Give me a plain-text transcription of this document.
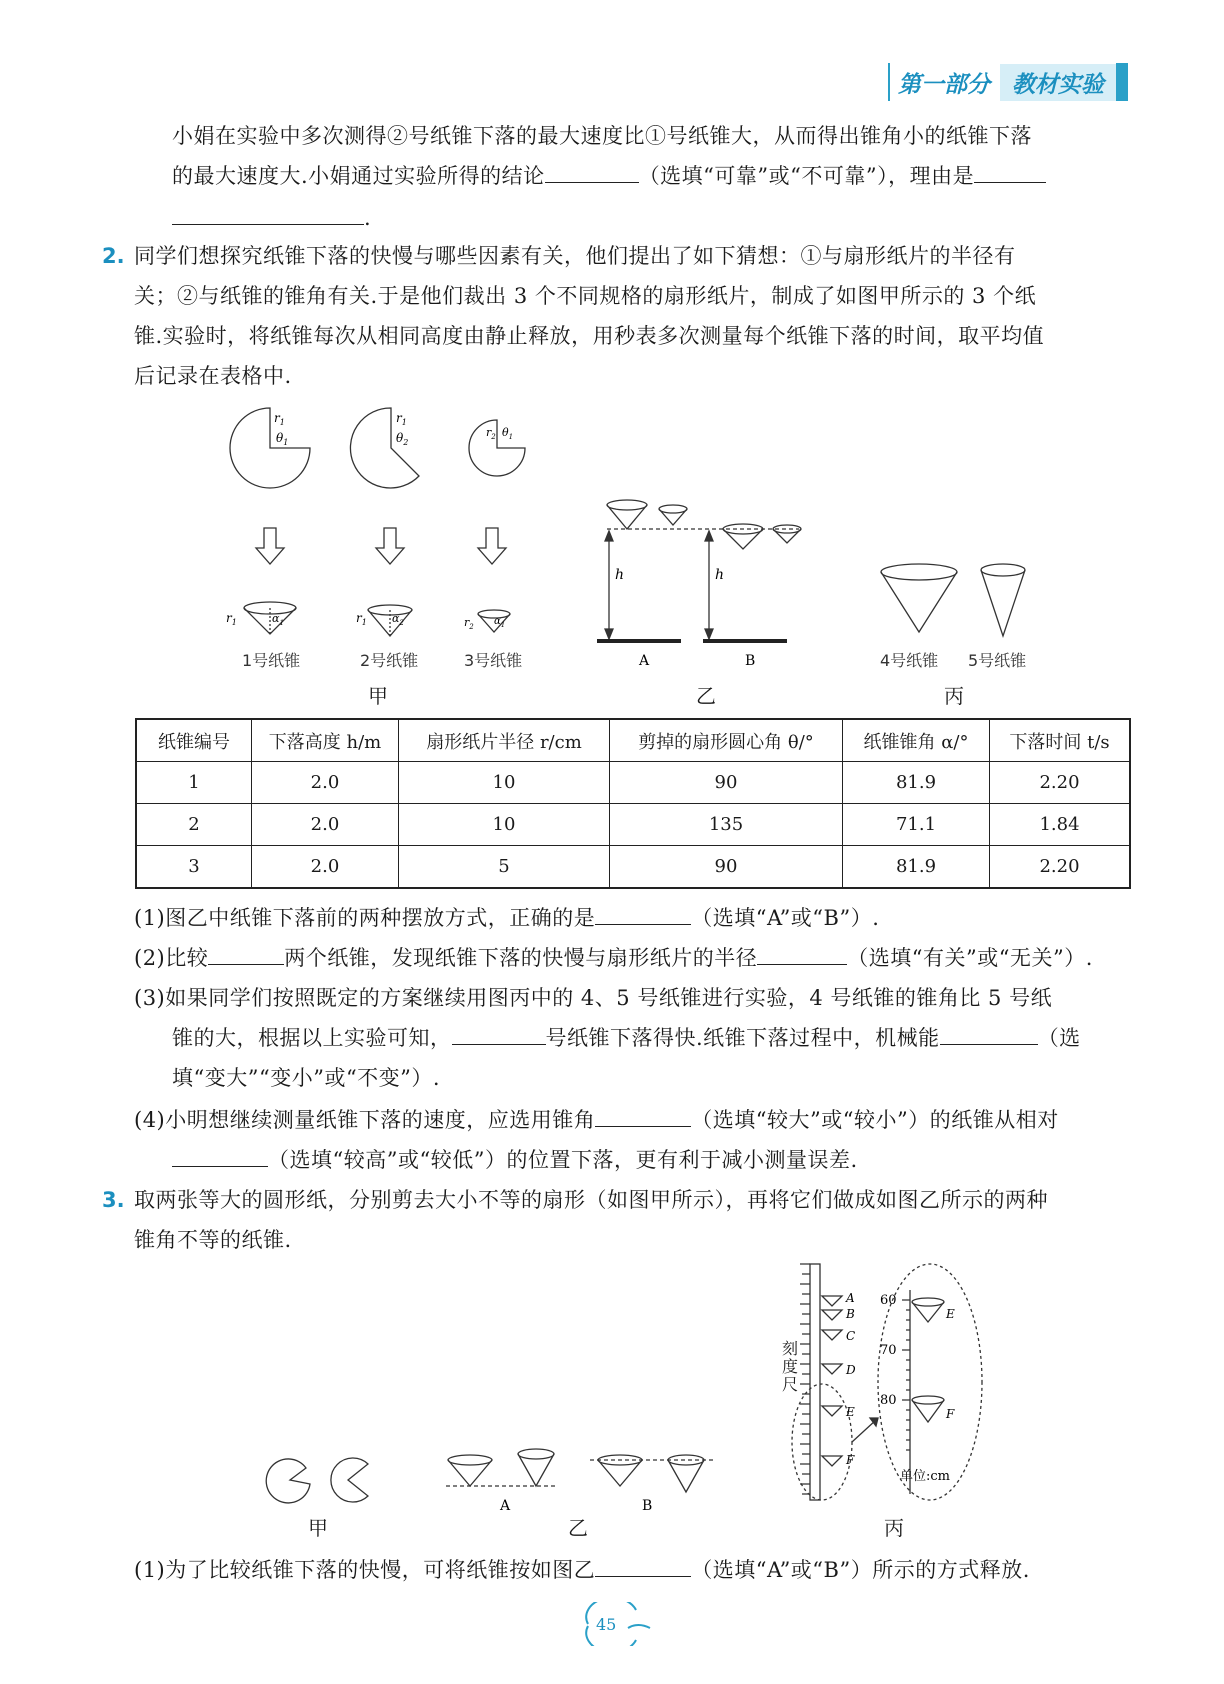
第一部分 教材实验
小娟在实验中多次测得②号纸锥下落的最大速度比①号纸锥大，从而得出锥角小的纸锥下落
的最大速度大.小娟通过实验所得的结论	（选填“可靠”或“不可靠”），理由是
.
2. 同学们想探究纸锥下落的快慢与哪些因素有关，他们提出了如下猜想：①与扇形纸片的半径有
关；②与纸锥的锥角有关.于是他们裁出 3 个不同规格的扇形纸片，制成了如图甲所示的 3 个纸
锥.实验时，将纸锥每次从相同高度由静止释放，用秒表多次测量每个纸锥下落的时间，取平均值
后记录在表格中.
$r_1$
$\theta_1$
$r_1$
$\theta_2$
$r_2$ $\theta_1$
$r_1$	$\alpha_1$	$r_1$ $\alpha_2$	$r_2$ $\alpha_1$
1号纸锥	2号纸锥	3号纸锥
甲
h	h
A	B
乙
4号纸锥 5号纸锥
丙
纸锥编号	下落高度 h/m	扇形纸片半径 r/cm	剪掉的扇形圆心角 θ/°	纸锥锥角 α/°	下落时间 t/s
1	2.0	10	90	81.9	2.20
2	2.0	10	135	71.1	1.84
3	2.0	5	90	81.9	2.20
(1)图乙中纸锥下落前的两种摆放方式，正确的是	（选填“A”或“B”）.
(2)比较	两个纸锥，发现纸锥下落的快慢与扇形纸片的半径	（选填“有关”或“无关”）.
(3)如果同学们按照既定的方案继续用图丙中的 4、5 号纸锥进行实验，4 号纸锥的锥角比 5 号纸
锥的大，根据以上实验可知，	号纸锥下落得快.纸锥下落过程中，机械能	（选
填“变大”“变小”或“不变”）.
(4)小明想继续测量纸锥下落的速度，应选用锥角	（选填“较大”或“较小”）的纸锥从相对
（选填“较高”或“较低”）的位置下落，更有利于减小测量误差.
3. 取两张等大的圆形纸，分别剪去大小不等的扇形（如图甲所示），再将它们做成如图乙所示的两种
锥角不等的纸锥.
甲
A	B
乙
A
B
C
D
E
F
E
F
60
70
80
单位:cm
刻度尺
丙
(1)为了比较纸锥下落的快慢，可将纸锥按如图乙	（选填“A”或“B”）所示的方式释放.
45
